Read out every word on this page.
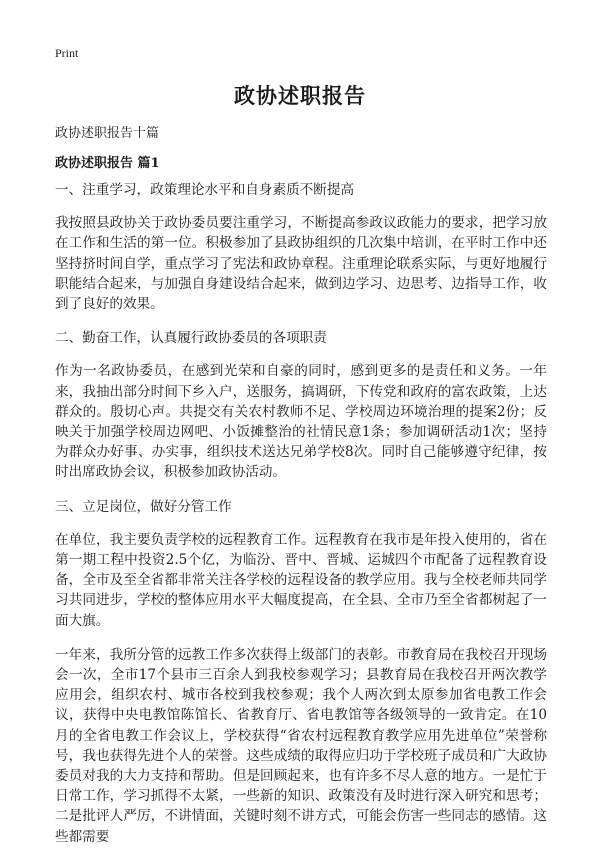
Print
政协述职报告
政协述职报告十篇
政协述职报告 篇1
一、注重学习，政策理论水平和自身素质不断提高

我按照县政协关于政协委员要注重学习，不断提高参政议政能力的要求，把学习放在工作和生活的第一位。积极参加了县政协组织的几次集中培训，在平时工作中还坚持挤时间自学，重点学习了宪法和政协章程。注重理论联系实际，与更好地履行职能结合起来，与加强自身建设结合起来，做到边学习、边思考、边指导工作，收到了良好的效果。

二、勤奋工作，认真履行政协委员的各项职责

作为一名政协委员，在感到光荣和自豪的同时，感到更多的是责任和义务。一年来，我抽出部分时间下乡入户，送服务，搞调研，下传党和政府的富农政策，上达群众的。殷切心声。共提交有关农村教师不足、学校周边环境治理的提案2份；反映关于加强学校周边网吧、小饭摊整治的社情民意1条；参加调研活动1次；坚持为群众办好事、办实事，组织技术送达兄弟学校8次。同时自己能够遵守纪律，按时出席政协会议，积极参加政协活动。

三、立足岗位，做好分管工作

在单位，我主要负责学校的远程教育工作。远程教育在我市是年投入使用的，省在第一期工程中投资2.5个亿，为临汾、晋中、晋城、运城四个市配备了远程教育设备，全市及至全省都非常关注各学校的远程设备的教学应用。我与全校老师共同学习共同进步，学校的整体应用水平大幅度提高，在全县、全市乃至全省都树起了一面大旗。

一年来，我所分管的远教工作多次获得上级部门的表彰。市教育局在我校召开现场会一次，全市17个县市三百余人到我校参观学习；县教育局在我校召开两次教学应用会，组织农村、城市各校到我校参观；我个人两次到太原参加省电教工作会议，获得中央电教馆陈馆长、省教育厅、省电教馆等各级领导的一致肯定。在10月的全省电教工作会议上，学校获得“省农村远程教育教学应用先进单位”荣誉称号，我也获得先进个人的荣誉。这些成绩的取得应归功于学校班子成员和广大政协委员对我的大力支持和帮助。但是回顾起来，也有许多不尽人意的地方。一是忙于日常工作，学习抓得不太紧，一些新的知识、政策没有及时进行深入研究和思考；二是批评人严厉，不讲情面，关键时刻不讲方式，可能会伤害一些同志的感情。这些都需要
